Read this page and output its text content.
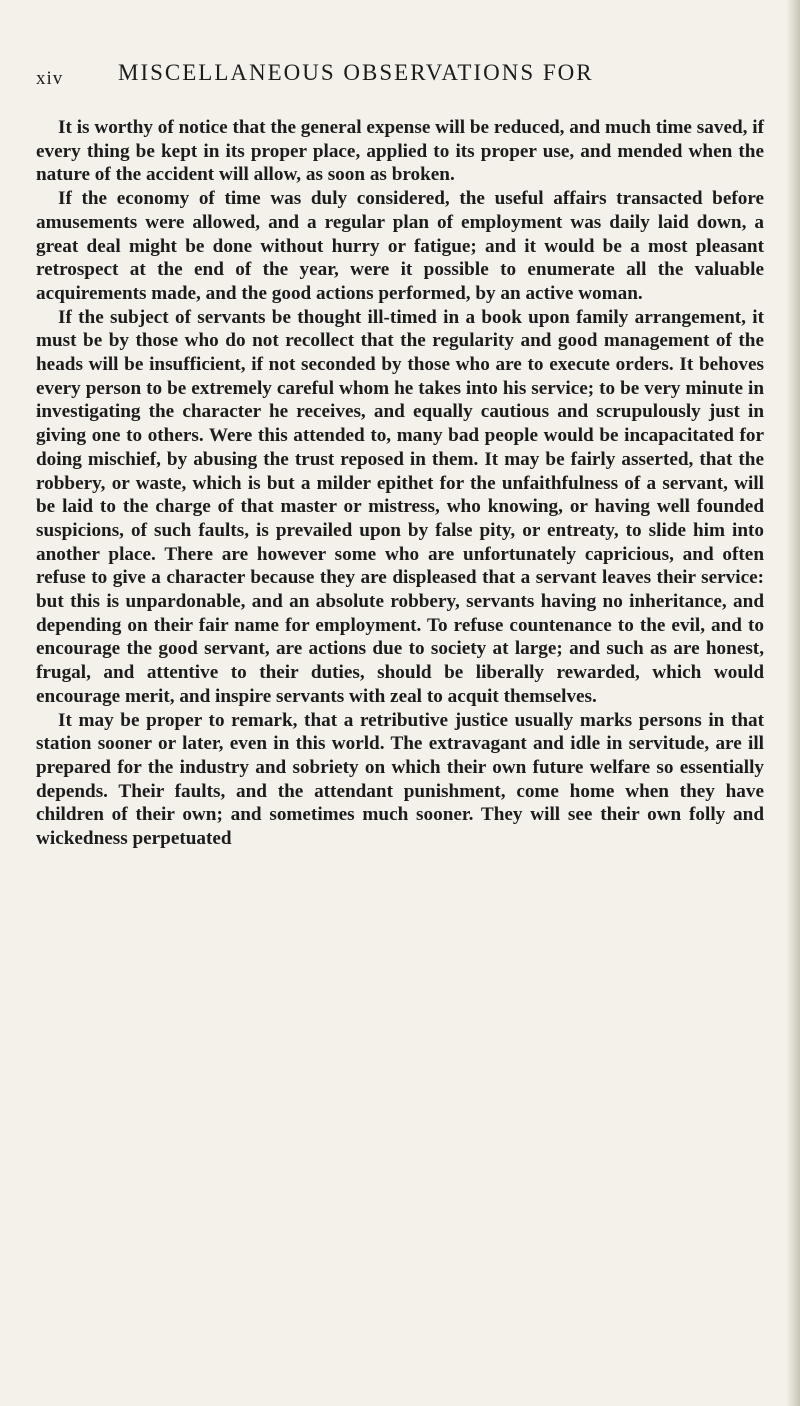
xiv MISCELLANEOUS OBSERVATIONS FOR

It is worthy of notice that the general expense will be reduced, and much time saved, if every thing be kept in its proper place, applied to its proper use, and mended when the nature of the accident will allow, as soon as broken.

If the economy of time was duly considered, the useful affairs transacted before amusements were allowed, and a regular plan of employment was daily laid down, a great deal might be done without hurry or fatigue; and it would be a most pleasant retrospect at the end of the year, were it possible to enumerate all the valuable acquirements made, and the good actions performed, by an active woman.

If the subject of servants be thought ill-timed in a book upon family arrangement, it must be by those who do not recollect that the regularity and good management of the heads will be insufficient, if not seconded by those who are to execute orders. It behoves every person to be extremely careful whom he takes into his service; to be very minute in investigating the character he receives, and equally cautious and scrupulously just in giving one to others. Were this attended to, many bad people would be incapacitated for doing mischief, by abusing the trust reposed in them. It may be fairly asserted, that the robbery, or waste, which is but a milder epithet for the unfaithfulness of a servant, will be laid to the charge of that master or mistress, who knowing, or having well founded suspicions, of such faults, is prevailed upon by false pity, or entreaty, to slide him into another place. There are however some who are unfortunately capricious, and often refuse to give a character because they are displeased that a servant leaves their service: but this is unpardonable, and an absolute robbery, servants having no inheritance, and depending on their fair name for employment. To refuse countenance to the evil, and to encourage the good servant, are actions due to society at large; and such as are honest, frugal, and attentive to their duties, should be liberally rewarded, which would encourage merit, and inspire servants with zeal to acquit themselves.

It may be proper to remark, that a retributive justice usually marks persons in that station sooner or later, even in this world. The extravagant and idle in servitude, are ill prepared for the industry and sobriety on which their own future welfare so essentially depends. Their faults, and the attendant punishment, come home when they have children of their own; and sometimes much sooner. They will see their own folly and wickedness perpetuated
